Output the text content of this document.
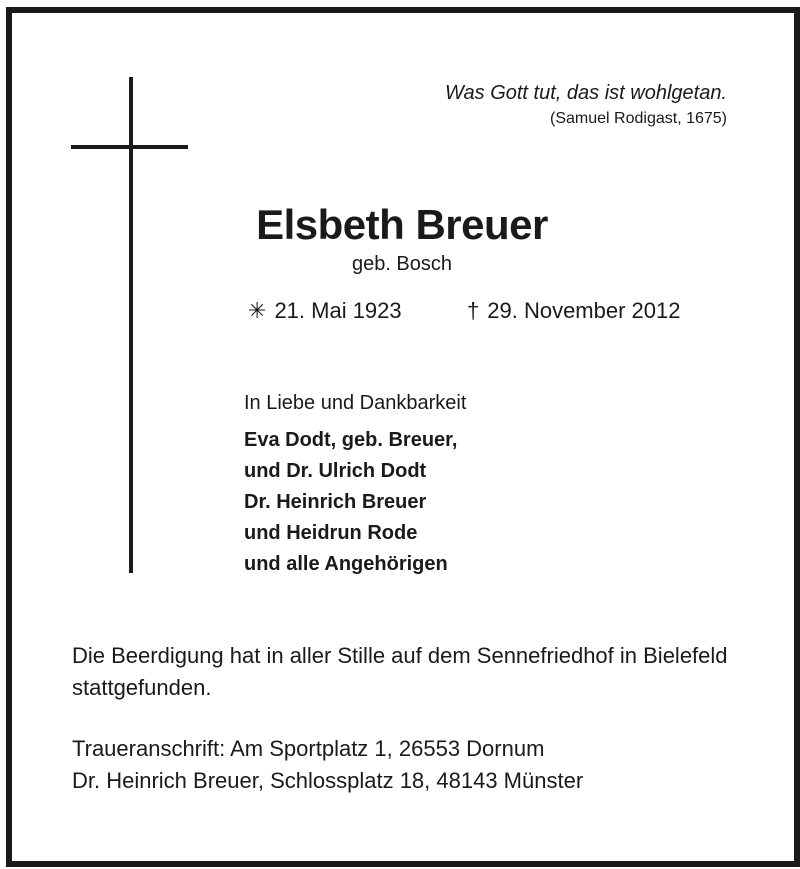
Was Gott tut, das ist wohlgetan.
(Samuel Rodigast, 1675)
Elsbeth Breuer
geb. Bosch
✳ 21. Mai 1923	† 29. November 2012
In Liebe und Dankbarkeit
Eva Dodt, geb. Breuer,
und Dr. Ulrich Dodt
Dr. Heinrich Breuer
und Heidrun Rode
und alle Angehörigen
Die Beerdigung hat in aller Stille auf dem Sennefriedhof in Bielefeld stattgefunden.
Traueranschrift: Am Sportplatz 1, 26553 Dornum
Dr. Heinrich Breuer, Schlossplatz 18, 48143 Münster
